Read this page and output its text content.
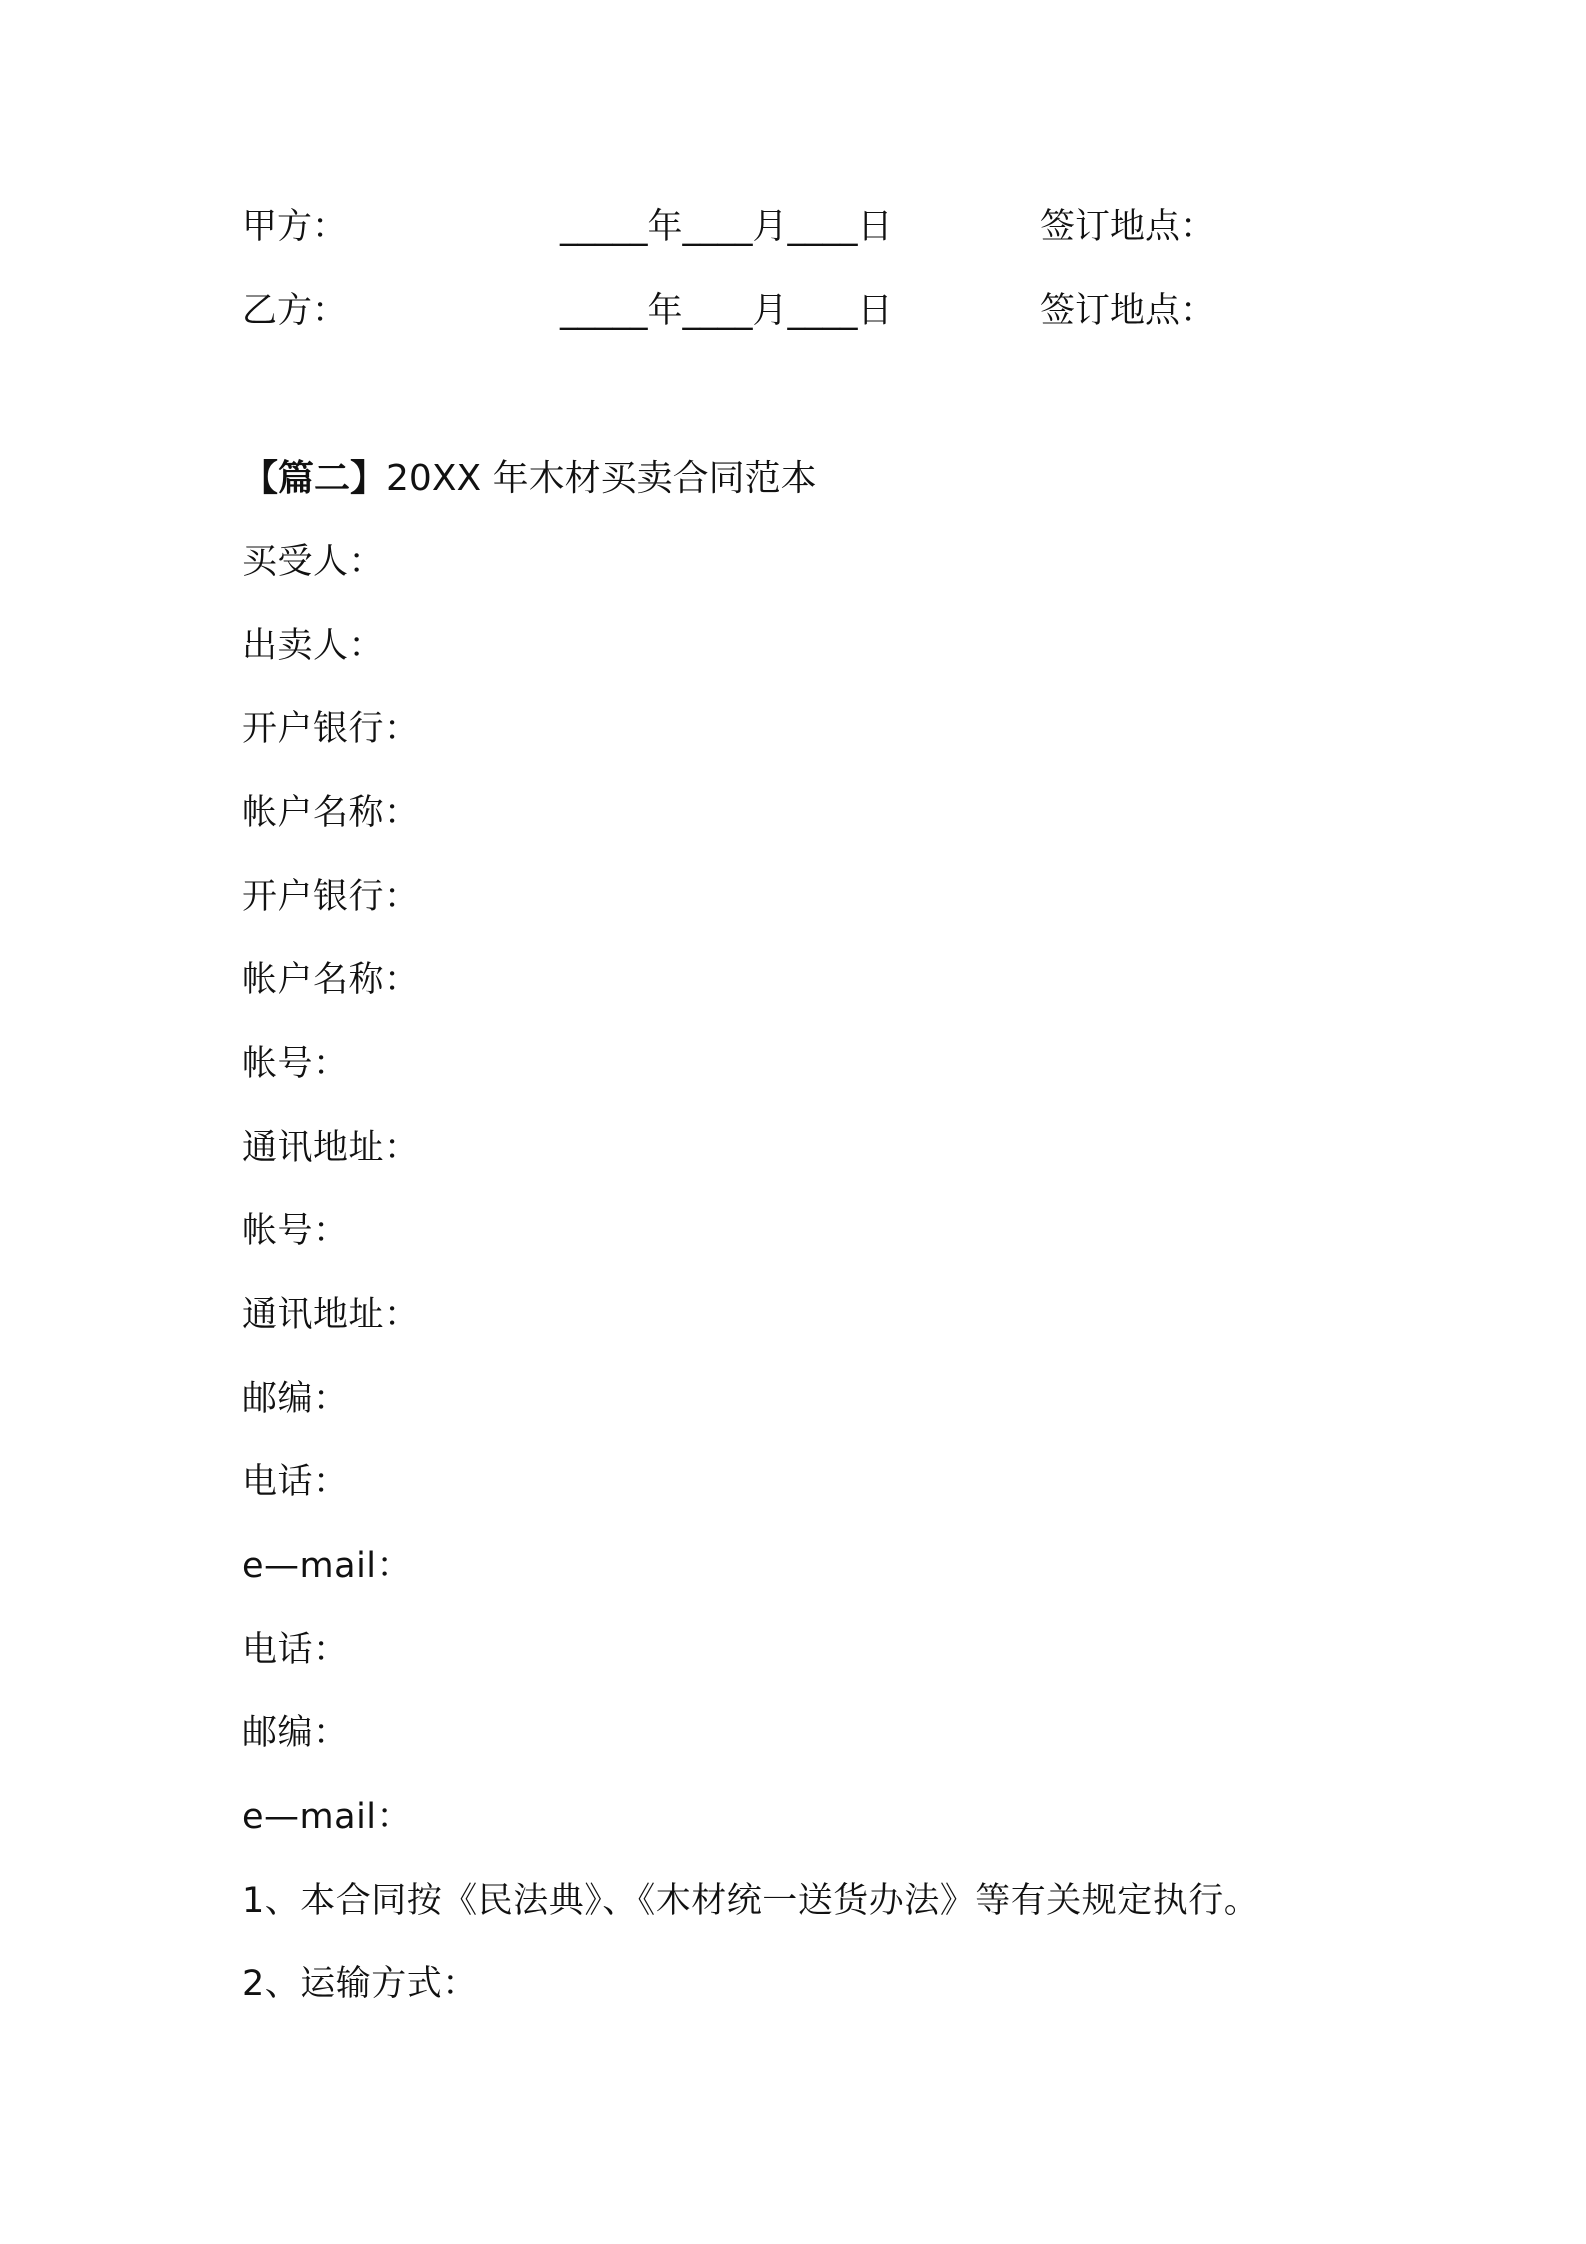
甲方：	_____年____月____日	签订地点：
乙方：	_____年____月____日	签订地点：
【篇二】20XX 年木材买卖合同范本
买受人：
出卖人：
开户银行：
帐户名称：
开户银行：
帐户名称：
帐号：
通讯地址：
帐号：
通讯地址：
邮编：
电话：
e—mail：
电话：
邮编：
e—mail：
1、本合同按《民法典》、《木材统一送货办法》等有关规定执行。
2、运输方式：
